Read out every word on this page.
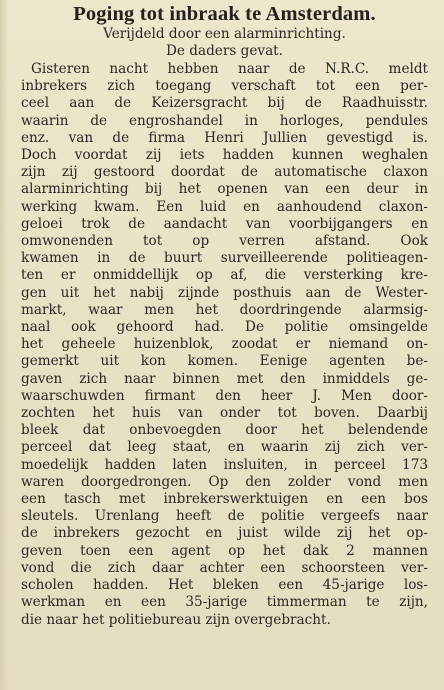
Poging tot inbraak te Amsterdam.

Verijdeld door een alarminrichting.

De daders gevat.

Gisteren nacht hebben naar de N.R.C. meldt
inbrekers zich toegang verschaft tot een per-
ceel aan de Keizersgracht bij de Raadhuisstr.
waarin de engroshandel in horloges, pendules
enz. van de firma Henri Jullien gevestigd is.
Doch voordat zij iets hadden kunnen weghalen
zijn zij gestoord doordat de automatische claxon
alarminrichting bij het openen van een deur in
werking kwam. Een luid en aanhoudend claxon-
geloei trok de aandacht van voorbijgangers en
omwonenden tot op verren afstand. Ook
kwamen in de buurt surveilleerende politieagen-
ten er onmiddellijk op af, die versterking kre-
gen uit het nabij zijnde posthuis aan de Wester-
markt, waar men het doordringende alarmsig-
naal ook gehoord had. De politie omsingelde
het geheele huizenblok, zoodat er niemand on-
gemerkt uit kon komen. Eenige agenten be-
gaven zich naar binnen met den inmiddels ge-
waarschuwden firmant den heer J. Men door-
zochten het huis van onder tot boven. Daarbij
bleek dat onbevoegden door het belendende
perceel dat leeg staat, en waarin zij zich ver-
moedelijk hadden laten insluiten, in perceel 173
waren doorgedrongen. Op den zolder vond men
een tasch met inbrekerswerktuigen en een bos
sleutels. Urenlang heeft de politie vergeefs naar
de inbrekers gezocht en juist wilde zij het op-
geven toen een agent op het dak 2 mannen
vond die zich daar achter een schoorsteen ver-
scholen hadden. Het bleken een 45-jarige los-
werkman en een 35-jarige timmerman te zijn,
die naar het politiebureau zijn overgebracht.
